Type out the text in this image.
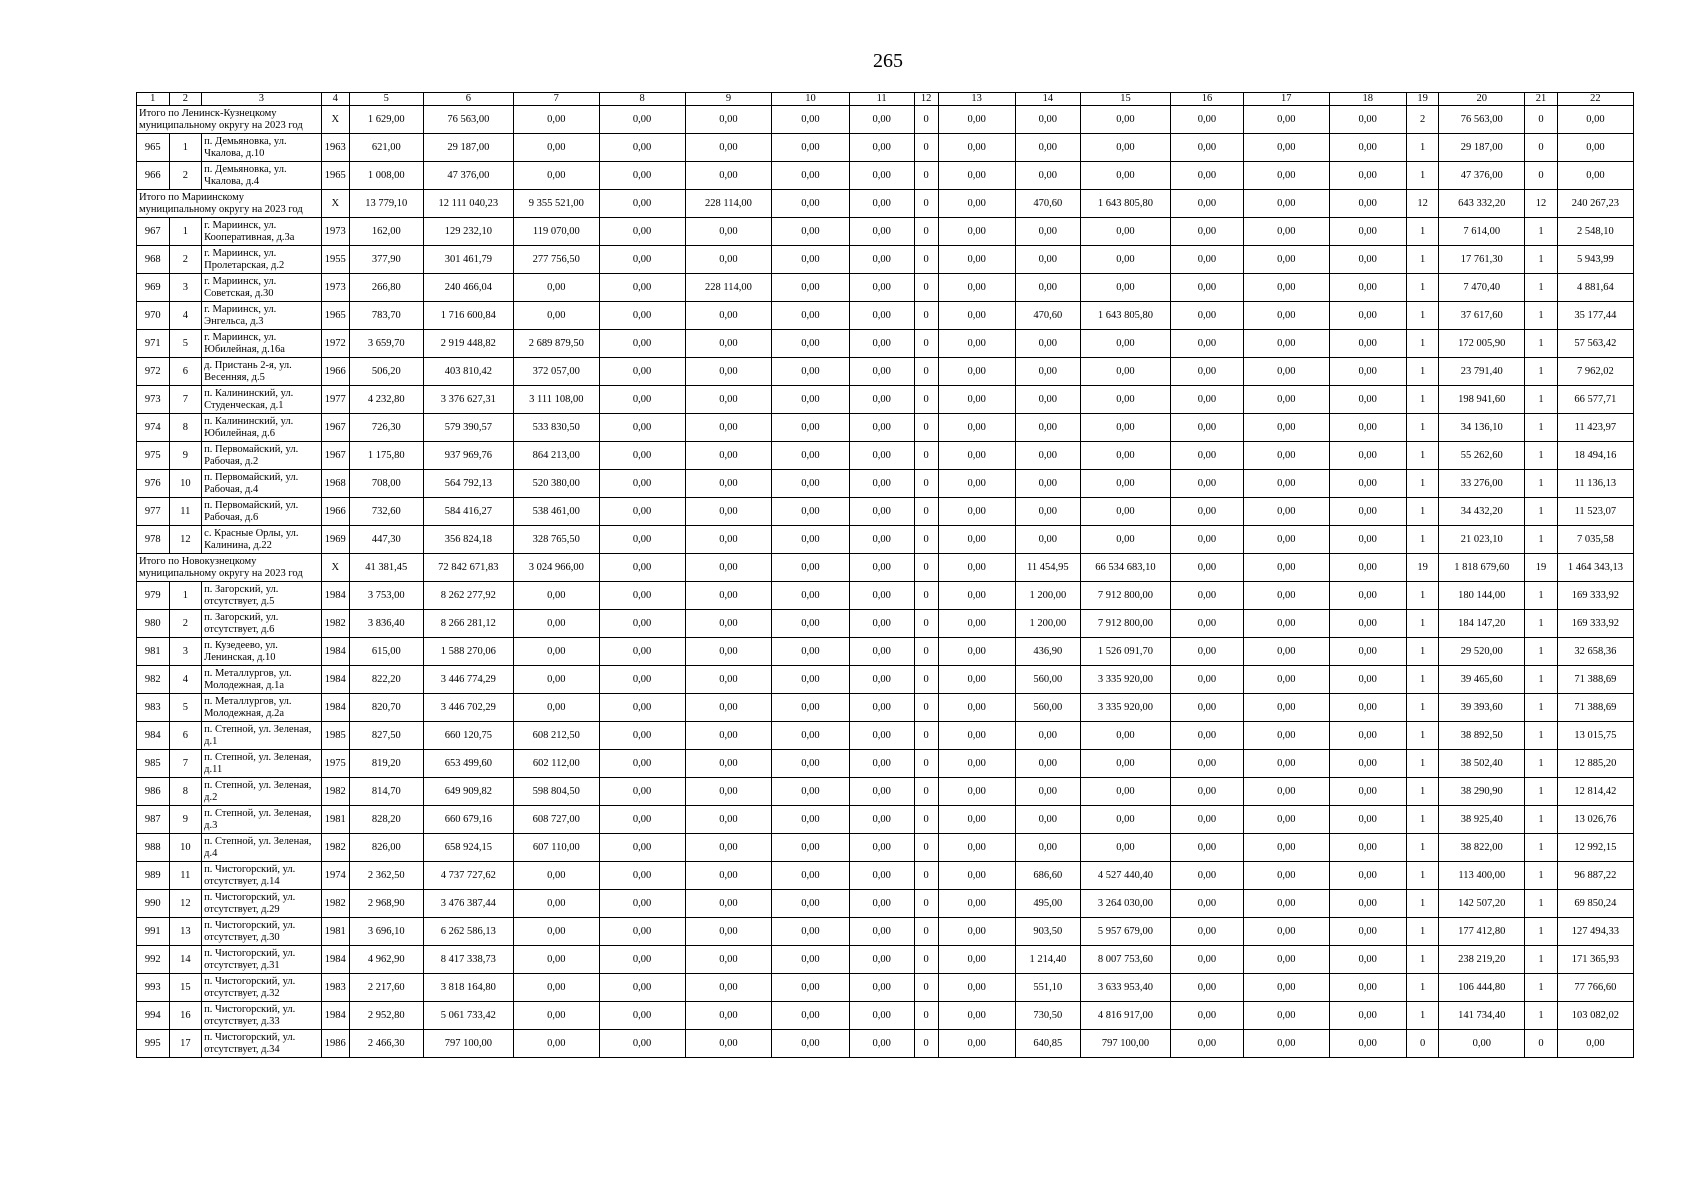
265
1	2	3	4	5	6	7	8	9	10	11	12	13	14	15	16	17	18	19	20	21	22
Итого по Ленинск-Кузнецкому муниципальному округу на 2023 год			X	1 629,00	76 563,00	0,00	0,00	0,00	0,00	0,00	0	0,00	0,00	0,00	0,00	0,00	0,00	2	76 563,00	0	0,00
965	1	п. Демьяновка, ул. Чкалова, д.10	1963	621,00	29 187,00	0,00	0,00	0,00	0,00	0,00	0	0,00	0,00	0,00	0,00	0,00	0,00	1	29 187,00	0	0,00
966	2	п. Демьяновка, ул. Чкалова, д.4	1965	1 008,00	47 376,00	0,00	0,00	0,00	0,00	0,00	0	0,00	0,00	0,00	0,00	0,00	0,00	1	47 376,00	0	0,00
Итого по Мариинскому муниципальному округу на 2023 год			X	13 779,10	12 111 040,23	9 355 521,00	0,00	228 114,00	0,00	0,00	0	0,00	470,60	1 643 805,80	0,00	0,00	0,00	12	643 332,20	12	240 267,23
967	1	г. Мариинск, ул. Кооперативная, д.3а	1973	162,00	129 232,10	119 070,00	0,00	0,00	0,00	0,00	0	0,00	0,00	0,00	0,00	0,00	0,00	1	7 614,00	1	2 548,10
968	2	г. Мариинск, ул. Пролетарская, д.2	1955	377,90	301 461,79	277 756,50	0,00	0,00	0,00	0,00	0	0,00	0,00	0,00	0,00	0,00	0,00	1	17 761,30	1	5 943,99
969	3	г. Мариинск, ул. Советская, д.30	1973	266,80	240 466,04	0,00	0,00	228 114,00	0,00	0,00	0	0,00	0,00	0,00	0,00	0,00	0,00	1	7 470,40	1	4 881,64
970	4	г. Мариинск, ул. Энгельса, д.3	1965	783,70	1 716 600,84	0,00	0,00	0,00	0,00	0,00	0	0,00	470,60	1 643 805,80	0,00	0,00	0,00	1	37 617,60	1	35 177,44
971	5	г. Мариинск, ул. Юбилейная, д.16а	1972	3 659,70	2 919 448,82	2 689 879,50	0,00	0,00	0,00	0,00	0	0,00	0,00	0,00	0,00	0,00	0,00	1	172 005,90	1	57 563,42
972	6	д. Пристань 2-я, ул. Весенняя, д.5	1966	506,20	403 810,42	372 057,00	0,00	0,00	0,00	0,00	0	0,00	0,00	0,00	0,00	0,00	0,00	1	23 791,40	1	7 962,02
973	7	п. Калининский, ул. Студенческая, д.1	1977	4 232,80	3 376 627,31	3 111 108,00	0,00	0,00	0,00	0,00	0	0,00	0,00	0,00	0,00	0,00	0,00	1	198 941,60	1	66 577,71
974	8	п. Калининский, ул. Юбилейная, д.6	1967	726,30	579 390,57	533 830,50	0,00	0,00	0,00	0,00	0	0,00	0,00	0,00	0,00	0,00	0,00	1	34 136,10	1	11 423,97
975	9	п. Первомайский, ул. Рабочая, д.2	1967	1 175,80	937 969,76	864 213,00	0,00	0,00	0,00	0,00	0	0,00	0,00	0,00	0,00	0,00	0,00	1	55 262,60	1	18 494,16
976	10	п. Первомайский, ул. Рабочая, д.4	1968	708,00	564 792,13	520 380,00	0,00	0,00	0,00	0,00	0	0,00	0,00	0,00	0,00	0,00	0,00	1	33 276,00	1	11 136,13
977	11	п. Первомайский, ул. Рабочая, д.6	1966	732,60	584 416,27	538 461,00	0,00	0,00	0,00	0,00	0	0,00	0,00	0,00	0,00	0,00	0,00	1	34 432,20	1	11 523,07
978	12	с. Красные Орлы, ул. Калинина, д.22	1969	447,30	356 824,18	328 765,50	0,00	0,00	0,00	0,00	0	0,00	0,00	0,00	0,00	0,00	0,00	1	21 023,10	1	7 035,58
Итого по Новокузнецкому муниципальному округу на 2023 год			X	41 381,45	72 842 671,83	3 024 966,00	0,00	0,00	0,00	0,00	0	0,00	11 454,95	66 534 683,10	0,00	0,00	0,00	19	1 818 679,60	19	1 464 343,13
979	1	п. Загорский, ул. отсутствует, д.5	1984	3 753,00	8 262 277,92	0,00	0,00	0,00	0,00	0,00	0	0,00	1 200,00	7 912 800,00	0,00	0,00	0,00	1	180 144,00	1	169 333,92
980	2	п. Загорский, ул. отсутствует, д.6	1982	3 836,40	8 266 281,12	0,00	0,00	0,00	0,00	0,00	0	0,00	1 200,00	7 912 800,00	0,00	0,00	0,00	1	184 147,20	1	169 333,92
981	3	п. Кузедеево, ул. Ленинская, д.10	1984	615,00	1 588 270,06	0,00	0,00	0,00	0,00	0,00	0	0,00	436,90	1 526 091,70	0,00	0,00	0,00	1	29 520,00	1	32 658,36
982	4	п. Металлургов, ул. Молодежная, д.1а	1984	822,20	3 446 774,29	0,00	0,00	0,00	0,00	0,00	0	0,00	560,00	3 335 920,00	0,00	0,00	0,00	1	39 465,60	1	71 388,69
983	5	п. Металлургов, ул. Молодежная, д.2а	1984	820,70	3 446 702,29	0,00	0,00	0,00	0,00	0,00	0	0,00	560,00	3 335 920,00	0,00	0,00	0,00	1	39 393,60	1	71 388,69
984	6	п. Степной, ул. Зеленая, д.1	1985	827,50	660 120,75	608 212,50	0,00	0,00	0,00	0,00	0	0,00	0,00	0,00	0,00	0,00	0,00	1	38 892,50	1	13 015,75
985	7	п. Степной, ул. Зеленая, д.11	1975	819,20	653 499,60	602 112,00	0,00	0,00	0,00	0,00	0	0,00	0,00	0,00	0,00	0,00	0,00	1	38 502,40	1	12 885,20
986	8	п. Степной, ул. Зеленая, д.2	1982	814,70	649 909,82	598 804,50	0,00	0,00	0,00	0,00	0	0,00	0,00	0,00	0,00	0,00	0,00	1	38 290,90	1	12 814,42
987	9	п. Степной, ул. Зеленая, д.3	1981	828,20	660 679,16	608 727,00	0,00	0,00	0,00	0,00	0	0,00	0,00	0,00	0,00	0,00	0,00	1	38 925,40	1	13 026,76
988	10	п. Степной, ул. Зеленая, д.4	1982	826,00	658 924,15	607 110,00	0,00	0,00	0,00	0,00	0	0,00	0,00	0,00	0,00	0,00	0,00	1	38 822,00	1	12 992,15
989	11	п. Чистогорский, ул. отсутствует, д.14	1974	2 362,50	4 737 727,62	0,00	0,00	0,00	0,00	0,00	0	0,00	686,60	4 527 440,40	0,00	0,00	0,00	1	113 400,00	1	96 887,22
990	12	п. Чистогорский, ул. отсутствует, д.29	1982	2 968,90	3 476 387,44	0,00	0,00	0,00	0,00	0,00	0	0,00	495,00	3 264 030,00	0,00	0,00	0,00	1	142 507,20	1	69 850,24
991	13	п. Чистогорский, ул. отсутствует, д.30	1981	3 696,10	6 262 586,13	0,00	0,00	0,00	0,00	0,00	0	0,00	903,50	5 957 679,00	0,00	0,00	0,00	1	177 412,80	1	127 494,33
992	14	п. Чистогорский, ул. отсутствует, д.31	1984	4 962,90	8 417 338,73	0,00	0,00	0,00	0,00	0,00	0	0,00	1 214,40	8 007 753,60	0,00	0,00	0,00	1	238 219,20	1	171 365,93
993	15	п. Чистогорский, ул. отсутствует, д.32	1983	2 217,60	3 818 164,80	0,00	0,00	0,00	0,00	0,00	0	0,00	551,10	3 633 953,40	0,00	0,00	0,00	1	106 444,80	1	77 766,60
994	16	п. Чистогорский, ул. отсутствует, д.33	1984	2 952,80	5 061 733,42	0,00	0,00	0,00	0,00	0,00	0	0,00	730,50	4 816 917,00	0,00	0,00	0,00	1	141 734,40	1	103 082,02
995	17	п. Чистогорский, ул. отсутствует, д.34	1986	2 466,30	797 100,00	0,00	0,00	0,00	0,00	0,00	0	0,00	640,85	797 100,00	0,00	0,00	0,00	0	0,00	0	0,00
